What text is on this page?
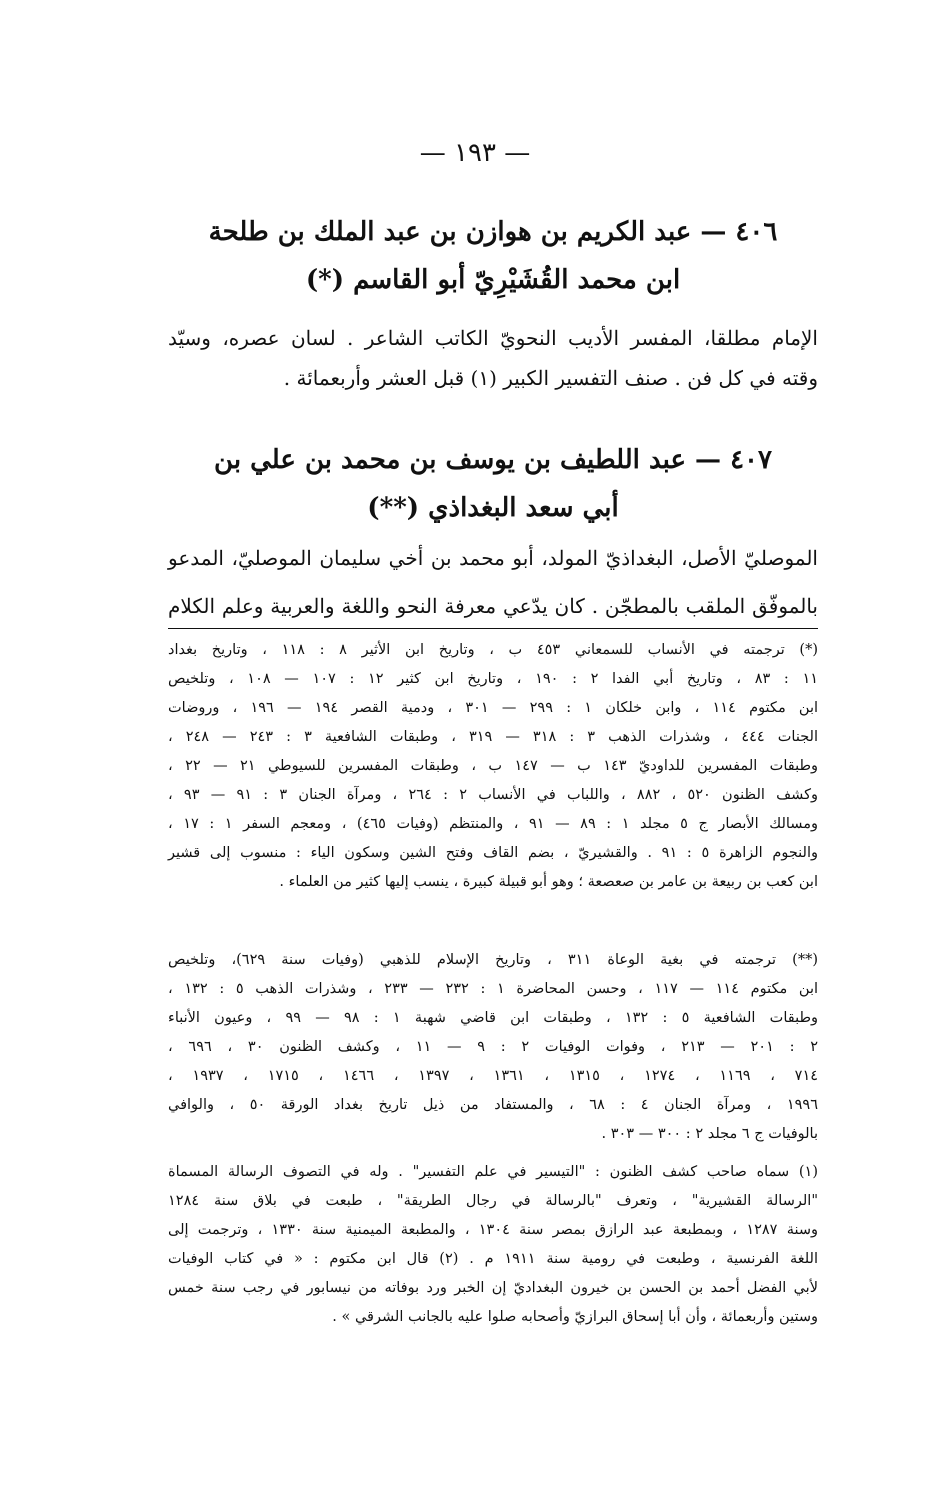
— ١٩٣ —
٤٠٦ — عبد الكريم بن هوازن بن عبد الملك بن طلحة
ابن محمد القُشَيْرِيّ أبو القاسم (*)
الإمام مطلقا، المفسر الأديب النحويّ الكاتب الشاعر . لسان عصره، وسيّد
وقته في كل فن . صنف التفسير الكبير (١) قبل العشر وأربعمائة .
٤٠٧ — عبد اللطيف بن يوسف بن محمد بن علي بن
أبي سعد البغداذي (**)
الموصليّ الأصل، البغداذيّ المولد، أبو محمد بن أخي سليمان الموصليّ، المدعو
بالموفّق الملقب بالمطجّن . كان يدّعي معرفة النحو واللغة والعربية وعلم الكلام
(*) ترجمته في الأنساب للسمعاني ٤٥٣ ب ، وتاريخ ابن الأثير ٨ : ١١٨ ، وتاريخ بغداد
١١ : ٨٣ ، وتاريخ أبي الفدا ٢ : ١٩٠ ، وتاريخ ابن كثير ١٢ : ١٠٧ — ١٠٨ ، وتلخيص
ابن مكتوم ١١٤ ، وابن خلكان ١ : ٢٩٩ — ٣٠١ ، ودمية القصر ١٩٤ — ١٩٦ ، وروضات
الجنات ٤٤٤ ، وشذرات الذهب ٣ : ٣١٨ — ٣١٩ ، وطبقات الشافعية ٣ : ٢٤٣ — ٢٤٨ ،
وطبقات المفسرين للداوديّ ١٤٣ ب — ١٤٧ ب ، وطبقات المفسرين للسيوطي ٢١ — ٢٢ ،
وكشف الظنون ٥٢٠ ، ٨٨٢ ، واللباب في الأنساب ٢ : ٢٦٤ ، ومرآة الجنان ٣ : ٩١ — ٩٣ ،
ومسالك الأبصار ج ٥ مجلد ١ : ٨٩ — ٩١ ، والمنتظم (وفيات ٤٦٥) ، ومعجم السفر ١ : ١٧ ،
والنجوم الزاهرة ٥ : ٩١ . والقشيريّ ، بضم القاف وفتح الشين وسكون الياء : منسوب إلى قشير
ابن كعب بن ربيعة بن عامر بن صعصعة ؛ وهو أبو قبيلة كبيرة ، ينسب إليها كثير من العلماء .
(**) ترجمته في بغية الوعاة ٣١١ ، وتاريخ الإسلام للذهبي (وفيات سنة ٦٢٩)، وتلخيص
ابن مكتوم ١١٤ — ١١٧ ، وحسن المحاضرة ١ : ٢٣٢ — ٢٣٣ ، وشذرات الذهب ٥ : ١٣٢ ،
وطبقات الشافعية ٥ : ١٣٢ ، وطبقات ابن قاضي شهبة ١ : ٩٨ — ٩٩ ، وعيون الأنباء
٢ : ٢٠١ — ٢١٣ ، وفوات الوفيات ٢ : ٩ — ١١ ، وكشف الظنون ٣٠ ، ٦٩٦ ،
٧١٤ ، ١١٦٩ ، ١٢٧٤ ، ١٣١٥ ، ١٣٦١ ، ١٣٩٧ ، ١٤٦٦ ، ١٧١٥ ، ١٩٣٧ ،
١٩٩٦ ، ومرآة الجنان ٤ : ٦٨ ، والمستفاد من ذيل تاريخ بغداد الورقة ٥٠ ، والوافي
بالوفيات ج ٦ مجلد ٢ : ٣٠٠ — ٣٠٣ .
(١) سماه صاحب كشف الظنون : "التيسير في علم التفسير" . وله في التصوف الرسالة المسماة
"الرسالة القشيرية" ، وتعرف "بالرسالة في رجال الطريقة" ، طبعت في بلاق سنة ١٢٨٤
وسنة ١٢٨٧ ، وبمطبعة عبد الرازق بمصر سنة ١٣٠٤ ، والمطبعة الميمنية سنة ١٣٣٠ ، وترجمت إلى
اللغة الفرنسية ، وطبعت في رومية سنة ١٩١١ م . (٢) قال ابن مكتوم : « في كتاب الوفيات
لأبي الفضل أحمد بن الحسن بن خيرون البغداديّ إن الخبر ورد بوفاته من نيسابور في رجب سنة خمس
وستين وأربعمائة ، وأن أبا إسحاق البرازيّ وأصحابه صلوا عليه بالجانب الشرقي » .
